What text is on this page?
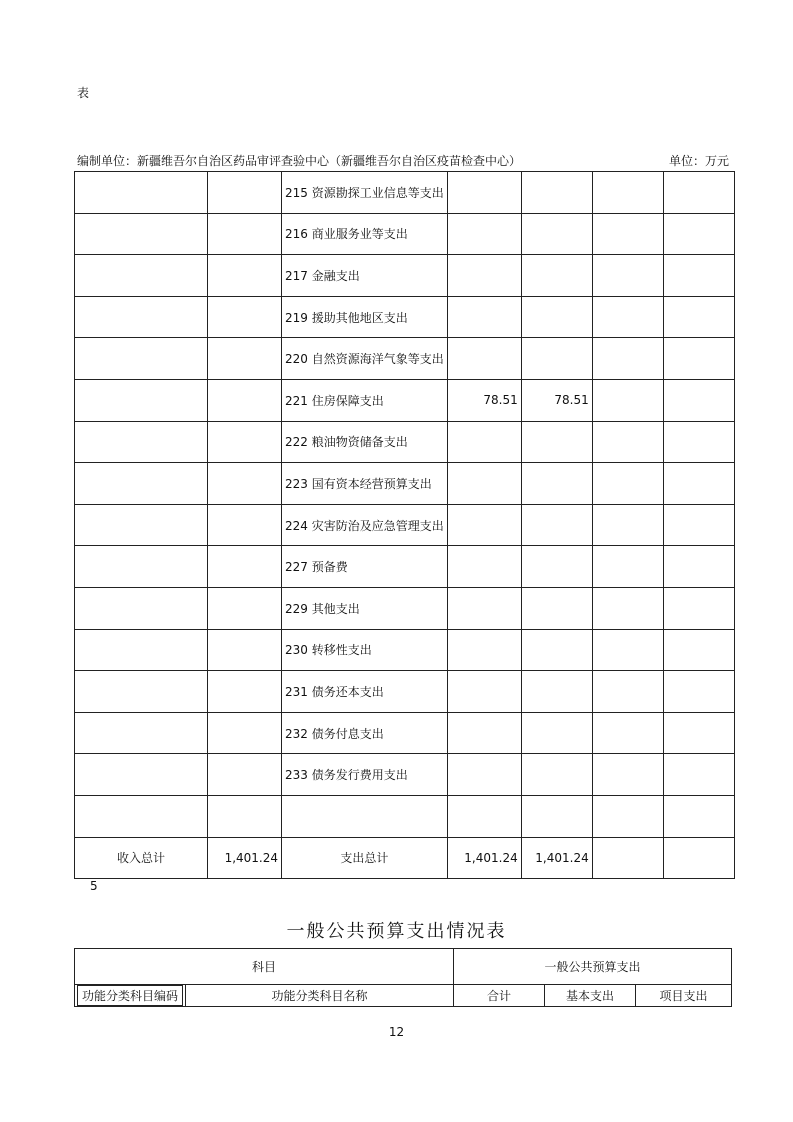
表
编制单位：新疆维吾尔自治区药品审评查验中心（新疆维吾尔自治区疫苗检查中心）	单位：万元
		215 资源勘探工业信息等支出				
		216 商业服务业等支出				
		217 金融支出				
		219 援助其他地区支出				
		220 自然资源海洋气象等支出				
		221 住房保障支出	78.51	78.51		
		222 粮油物资储备支出				
		223 国有资本经营预算支出				
		224 灾害防治及应急管理支出				
		227 预备费				
		229 其他支出				
		230 转移性支出				
		231 债务还本支出				
		232 债务付息支出				
		233 债务发行费用支出				

收入总计	1,401.24	支出总计	1,401.24	1,401.24		
5
一般公共预算支出情况表
科目		一般公共预算支出		
功能分类科目编码	功能分类科目名称	合计	基本支出	项目支出
12
